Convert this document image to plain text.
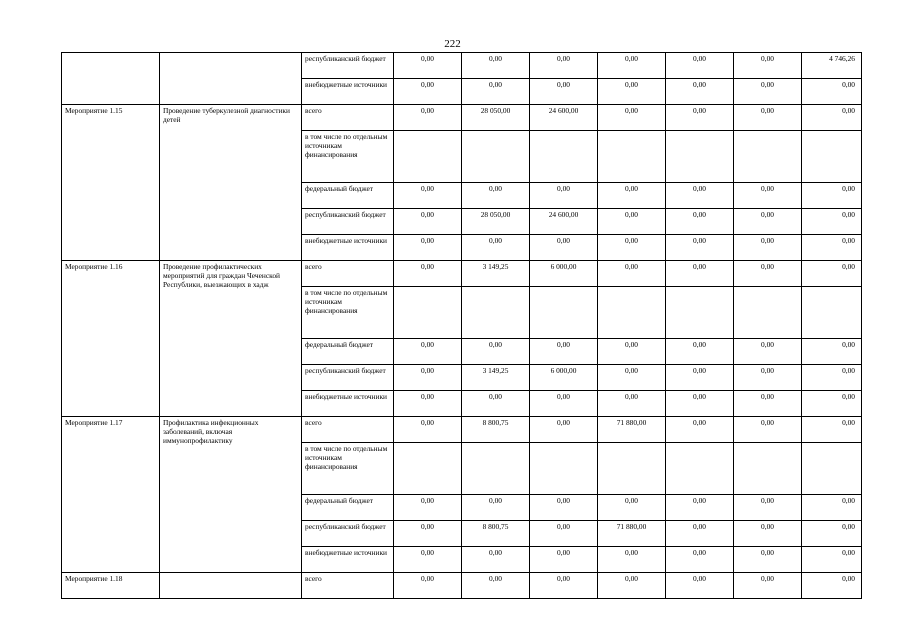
222
		республиканский бюджет	0,00	0,00	0,00	0,00	0,00	0,00	4 746,26
		внебюджетные источники	0,00	0,00	0,00	0,00	0,00	0,00	0,00
Мероприятие 1.15	Проведение туберкулезной диагностики детей	всего	0,00	28 050,00	24 600,00	0,00	0,00	0,00	0,00
		в том числе по отдельным источникам финансирования							
		федеральный бюджет	0,00	0,00	0,00	0,00	0,00	0,00	0,00
		республиканский бюджет	0,00	28 050,00	24 600,00	0,00	0,00	0,00	0,00
		внебюджетные источники	0,00	0,00	0,00	0,00	0,00	0,00	0,00
Мероприятие 1.16	Проведение профилактических мероприятий для граждан Чеченской Республики, выезжающих в хадж	всего	0,00	3 149,25	6 000,00	0,00	0,00	0,00	0,00
		в том числе по отдельным источникам финансирования							
		федеральный бюджет	0,00	0,00	0,00	0,00	0,00	0,00	0,00
		республиканский бюджет	0,00	3 149,25	6 000,00	0,00	0,00	0,00	0,00
		внебюджетные источники	0,00	0,00	0,00	0,00	0,00	0,00	0,00
Мероприятие 1.17	Профилактика инфекционных заболеваний, включая иммунопрофилактику	всего	0,00	8 800,75	0,00	71 880,00	0,00	0,00	0,00
		в том числе по отдельным источникам финансирования							
		федеральный бюджет	0,00	0,00	0,00	0,00	0,00	0,00	0,00
		республиканский бюджет	0,00	8 800,75	0,00	71 880,00	0,00	0,00	0,00
		внебюджетные источники	0,00	0,00	0,00	0,00	0,00	0,00	0,00
Мероприятие 1.18		всего	0,00	0,00	0,00	0,00	0,00	0,00	0,00
